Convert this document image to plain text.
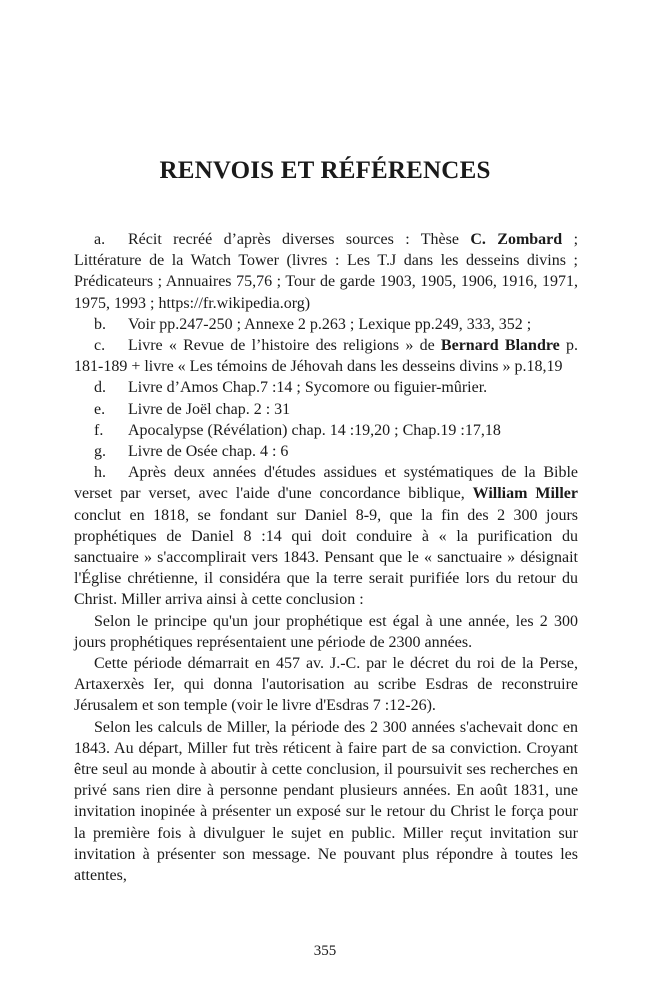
RENVOIS ET RÉFÉRENCES

a. Récit recréé d’après diverses sources : Thèse C. Zombard ; Littérature de la Watch Tower (livres : Les T.J dans les desseins divins ; Prédicateurs ; Annuaires 75,76 ; Tour de garde 1903, 1905, 1906, 1916, 1971, 1975, 1993 ; https://fr.wikipedia.org)

b. Voir pp.247-250 ; Annexe 2 p.263 ; Lexique pp.249, 333, 352 ;

c. Livre « Revue de l’histoire des religions » de Bernard Blandre p. 181-189 + livre « Les témoins de Jéhovah dans les desseins divins » p.18,19

d. Livre d’Amos Chap.7 :14 ; Sycomore ou figuier-mûrier.

e. Livre de Joël chap. 2 : 31

f. Apocalypse (Révélation) chap. 14 :19,20 ; Chap.19 :17,18

g. Livre de Osée chap. 4 : 6

h. Après deux années d'études assidues et systématiques de la Bible verset par verset, avec l'aide d'une concordance biblique, William Miller conclut en 1818, se fondant sur Daniel 8-9, que la fin des 2 300 jours prophétiques de Daniel 8 :14 qui doit conduire à « la purification du sanctuaire » s'accomplirait vers 1843. Pensant que le « sanctuaire » désignait l'Église chrétienne, il considéra que la terre serait purifiée lors du retour du Christ. Miller arriva ainsi à cette conclusion :

Selon le principe qu'un jour prophétique est égal à une année, les 2 300 jours prophétiques représentaient une période de 2300 années.

Cette période démarrait en 457 av. J.-C. par le décret du roi de la Perse, Artaxerxès Ier, qui donna l'autorisation au scribe Esdras de reconstruire Jérusalem et son temple (voir le livre d'Esdras 7 :12-26).

Selon les calculs de Miller, la période des 2 300 années s'achevait donc en 1843. Au départ, Miller fut très réticent à faire part de sa conviction. Croyant être seul au monde à aboutir à cette conclusion, il poursuivit ses recherches en privé sans rien dire à personne pendant plusieurs années. En août 1831, une invitation inopinée à présenter un exposé sur le retour du Christ le força pour la première fois à divulguer le sujet en public. Miller reçut invitation sur invitation à présenter son message. Ne pouvant plus répondre à toutes les attentes,

355
